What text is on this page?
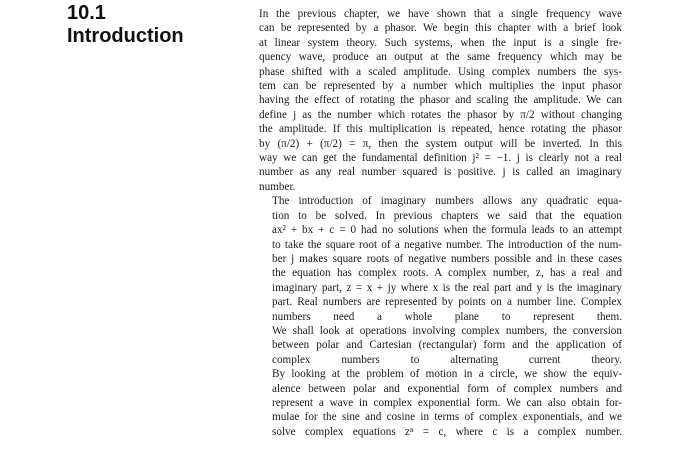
10.1
Introduction

In the previous chapter, we have shown that a single frequency wave
can be represented by a phasor. We begin this chapter with a brief look
at linear system theory. Such systems, when the input is a single fre-
quency wave, produce an output at the same frequency which may be
phase shifted with a scaled amplitude. Using complex numbers the sys-
tem can be represented by a number which multiplies the input phasor
having the effect of rotating the phasor and scaling the amplitude. We can
define j as the number which rotates the phasor by π/2 without changing
the amplitude. If this multiplication is repeated, hence rotating the phasor
by (π/2) + (π/2) = π, then the system output will be inverted. In this
way we can get the fundamental definition j² = −1. j is clearly not a real
number as any real number squared is positive. j is called an imaginary
number.

The introduction of imaginary numbers allows any quadratic equa-
tion to be solved. In previous chapters we said that the equation
ax² + bx + c = 0 had no solutions when the formula leads to an attempt
to take the square root of a negative number. The introduction of the num-
ber j makes square roots of negative numbers possible and in these cases
the equation has complex roots. A complex number, z, has a real and
imaginary part, z = x + jy where x is the real part and y is the imaginary
part. Real numbers are represented by points on a number line. Complex
numbers need a whole plane to represent them.

We shall look at operations involving complex numbers, the conversion
between polar and Cartesian (rectangular) form and the application of
complex numbers to alternating current theory.

By looking at the problem of motion in a circle, we show the equiv-
alence between polar and exponential form of complex numbers and
represent a wave in complex exponential form. We can also obtain for-
mulae for the sine and cosine in terms of complex exponentials, and we
solve complex equations zⁿ = c, where c is a complex number.
